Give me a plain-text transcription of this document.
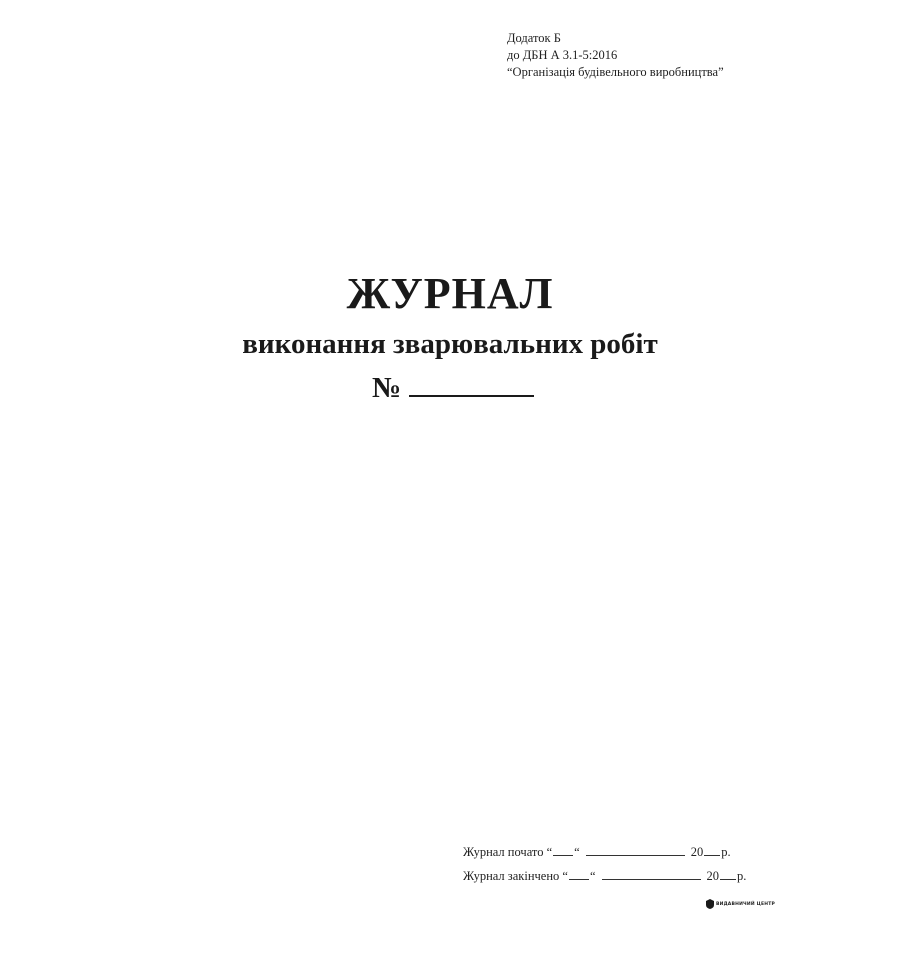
Додаток Б
до ДБН А 3.1-5:2016
“Організація будівельного виробництва”
ЖУРНАЛ
виконання зварювальних робіт
№
Журнал почато “ “	20 р.
Журнал закінчено “ “	20 р.
ВИДАВНИЧИЙ ЦЕНТР
